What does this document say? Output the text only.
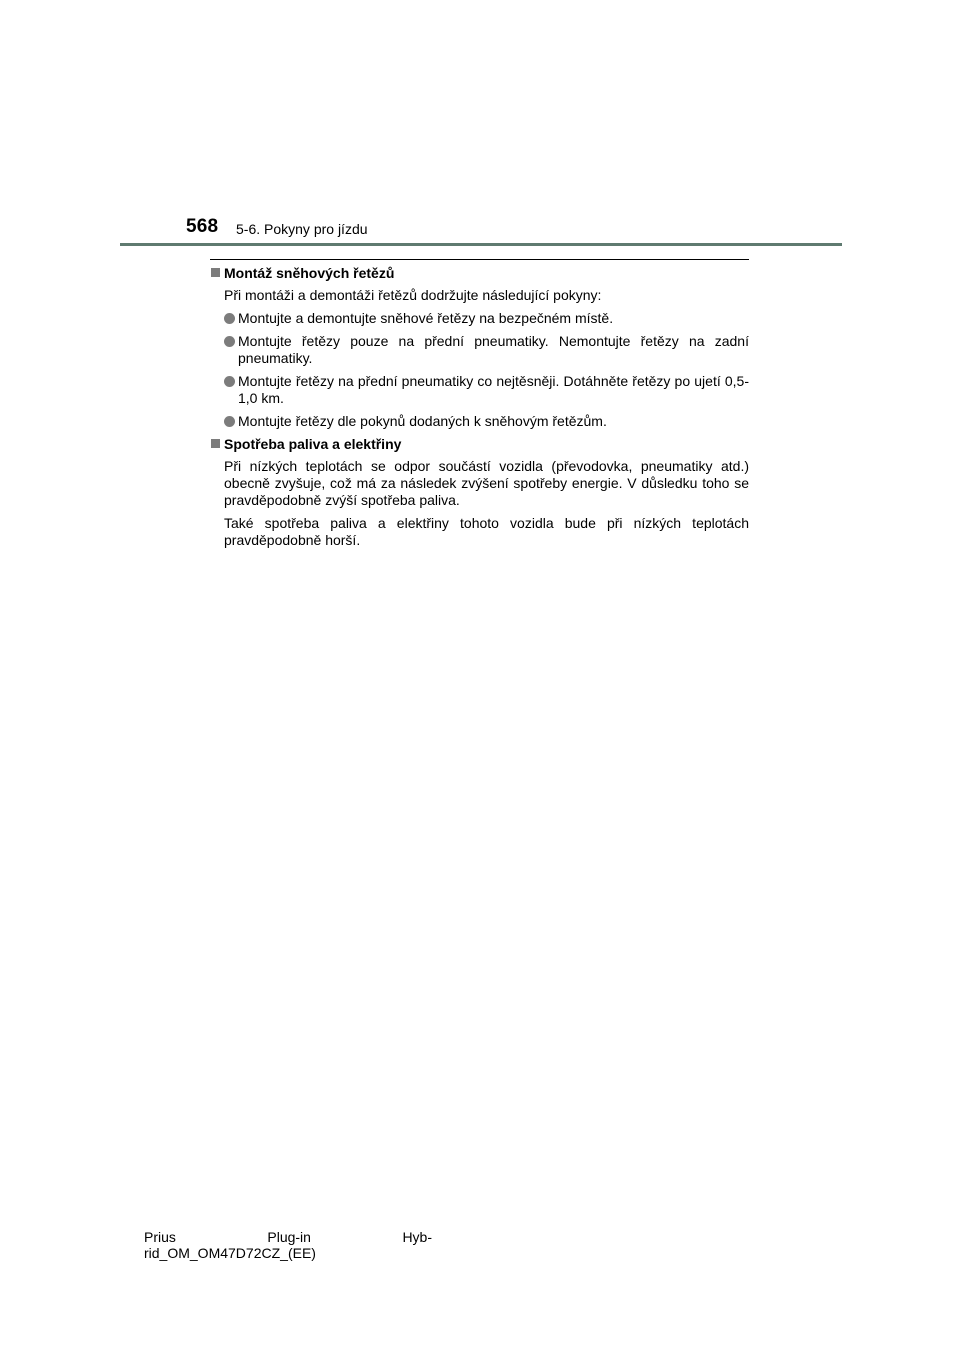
568 5-6. Pokyny pro jízdu
Montáž sněhových řetězů
Při montáži a demontáži řetězů dodržujte následující pokyny:
Montujte a demontujte sněhové řetězy na bezpečném místě.
Montujte řetězy pouze na přední pneumatiky. Nemontujte řetězy na zadní pneumatiky.
Montujte řetězy na přední pneumatiky co nejtěsněji. Dotáhněte řetězy po ujetí 0,5-1,0 km.
Montujte řetězy dle pokynů dodaných k sněhovým řetězům.
Spotřeba paliva a elektřiny
Při nízkých teplotách se odpor součástí vozidla (převodovka, pneumatiky atd.) obecně zvyšuje, což má za následek zvýšení spotřeby energie. V důsledku toho se pravděpodobně zvýší spotřeba paliva.
Také spotřeba paliva a elektřiny tohoto vozidla bude při nízkých teplotách pravděpodobně horší.
Prius	Plug-in	Hyb-
rid_OM_OM47D72CZ_(EE)
